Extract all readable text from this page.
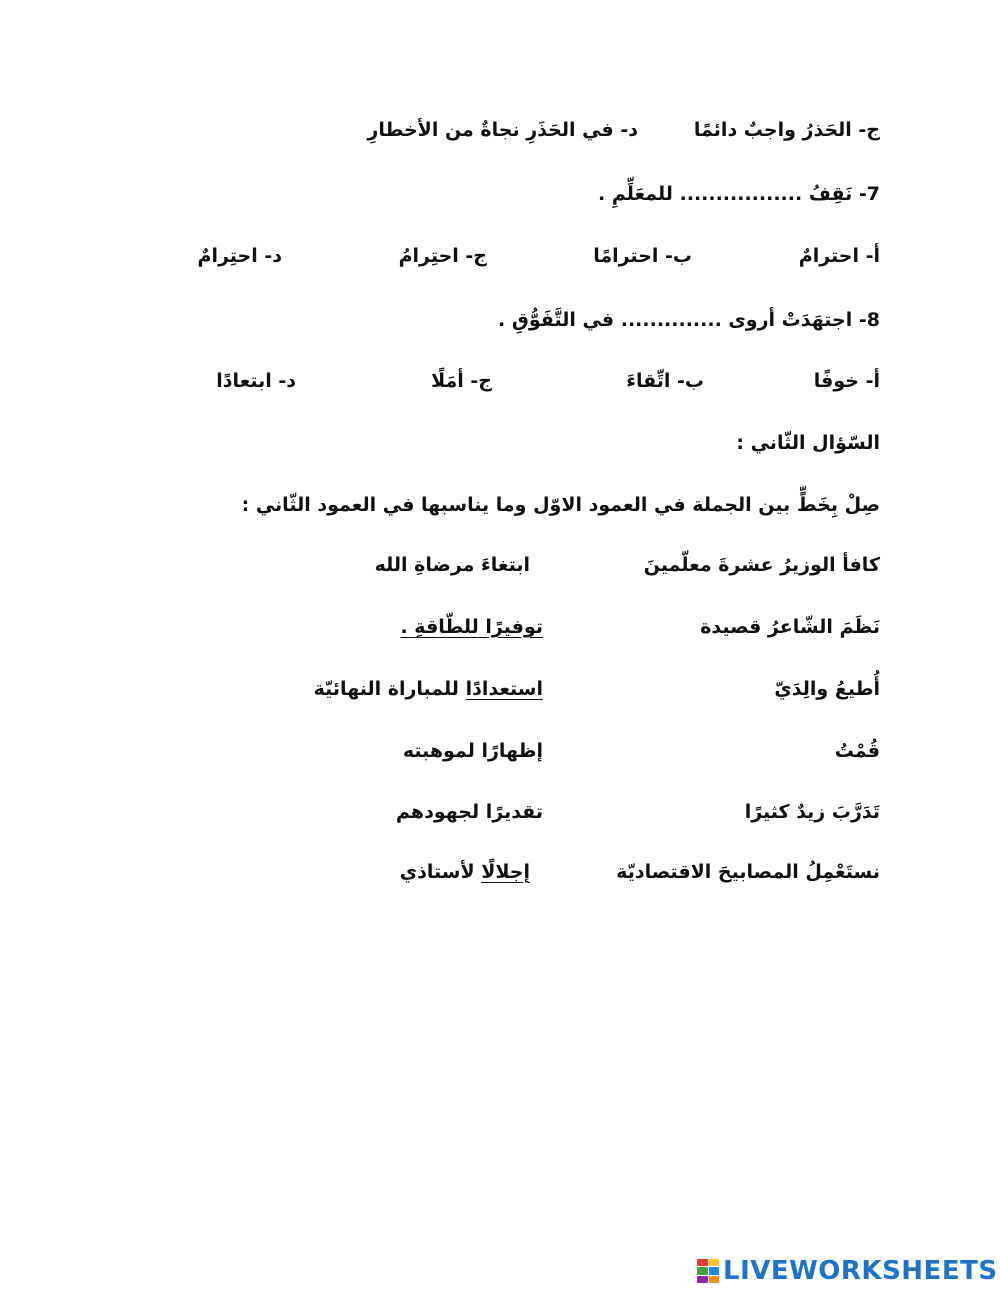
ج- الحَذرُ واجبٌ دائمًا
د- في الحَذَرِ نجاةٌ من الأخطارِ
7- نَقِفُ ................. للمعَلِّمِ .
أ- احترامٌ
ب- احترامًا
ج- احتِرامُ
د- احتِرامٌ
8- اجتهَدَتْ أروى .............. في التَّفَوُّقِ .
أ- خوفًا
ب- اتِّقاءَ
ج- أمَلًا
د- ابتعادًا
السّؤال الثّاني :
صِلْ بِخَطٍّ بين الجملة في العمود الاوّل وما يناسبها في العمود الثّاني :
كافأ الوزيرُ عشرةَ معلّمينَ
ابتغاءَ مرضاةِ الله
نَظَمَ الشّاعرُ قصيدة
توفيرًا للطّاقةِ .
أُطيعُ والِدَيّ
استعدادًا للمباراة النهائيّة
قُمْتُ
إظهارًا لموهبته
تَدَرَّبَ زيدٌ كثيرًا
تقديرًا لجهودهم
نستَعْمِلُ المصابيحَ الاقتصاديّة
إجلالًا لأستاذي
LIVEWORKSHEETS
